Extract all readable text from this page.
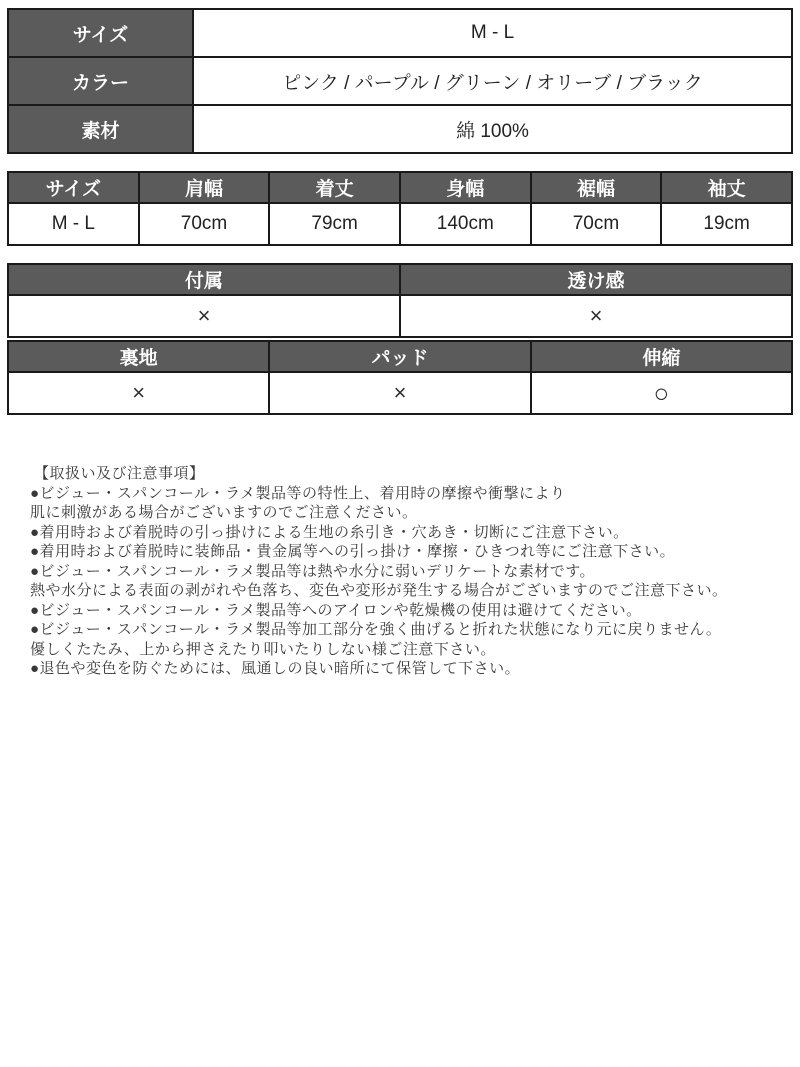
サイズ	M - L
カラー	ピンク / パープル / グリーン / オリーブ / ブラック
素材	綿 100%
サイズ	肩幅	着丈	身幅	裾幅	袖丈
M - L	70cm	79cm	140cm	70cm	19cm
付属	透け感
×	×
裏地	パッド	伸縮
×	×	○
【取扱い及び注意事項】
●ビジュー・スパンコール・ラメ製品等の特性上、着用時の摩擦や衝撃により
肌に刺激がある場合がございますのでご注意ください。
●着用時および着脱時の引っ掛けによる生地の糸引き・穴あき・切断にご注意下さい。
●着用時および着脱時に装飾品・貴金属等への引っ掛け・摩擦・ひきつれ等にご注意下さい。
●ビジュー・スパンコール・ラメ製品等は熱や水分に弱いデリケートな素材です。
熱や水分による表面の剥がれや色落ち、変色や変形が発生する場合がございますのでご注意下さい。
●ビジュー・スパンコール・ラメ製品等へのアイロンや乾燥機の使用は避けてください。
●ビジュー・スパンコール・ラメ製品等加工部分を強く曲げると折れた状態になり元に戻りません。
優しくたたみ、上から押さえたり叩いたりしない様ご注意下さい。
●退色や変色を防ぐためには、風通しの良い暗所にて保管して下さい。
